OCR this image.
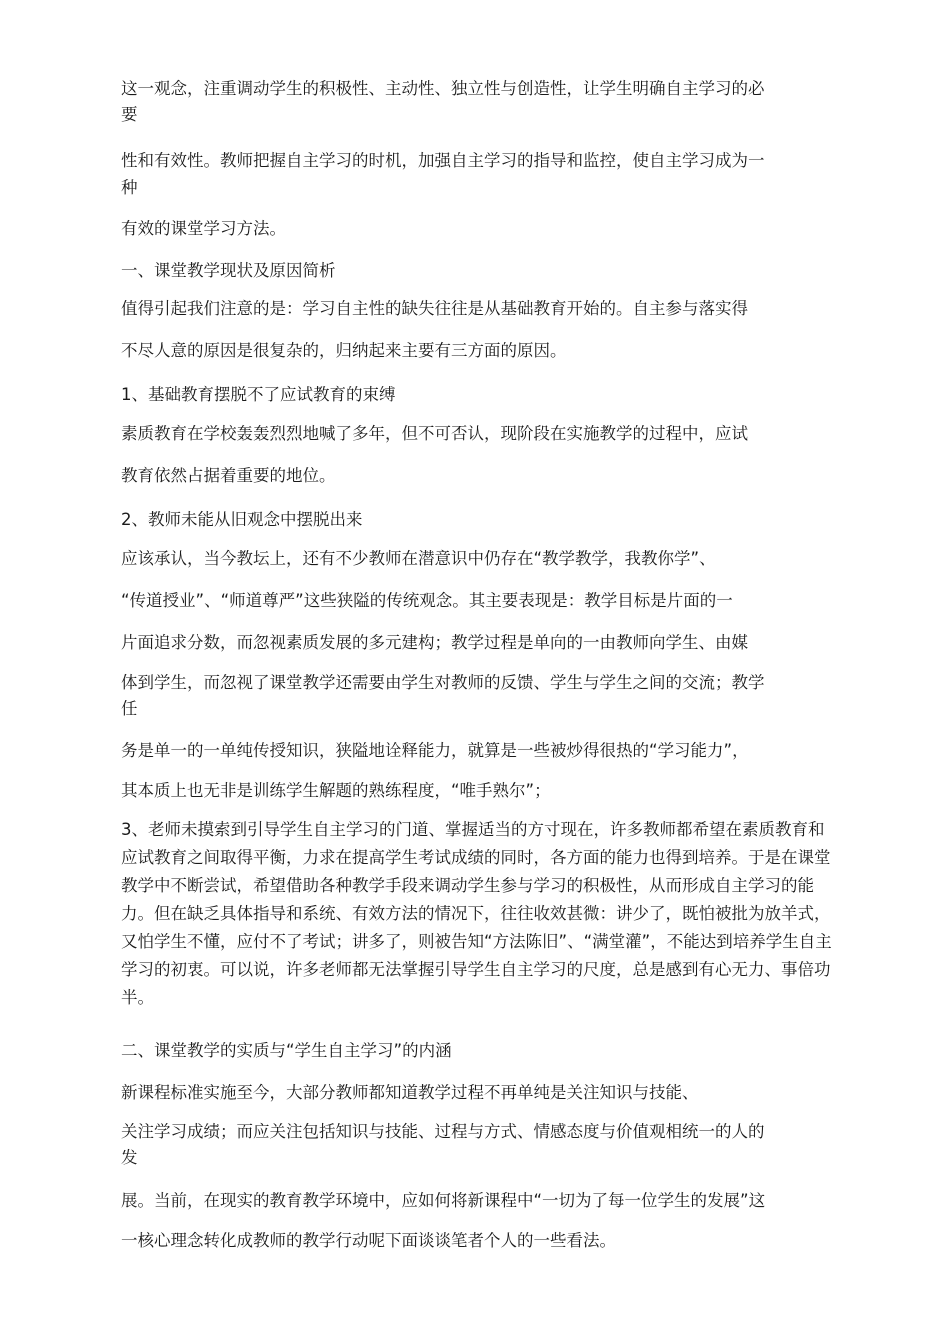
这一观念，注重调动学生的积极性、主动性、独立性与创造性，让学生明确自主学习的必

要

性和有效性。教师把握自主学习的时机，加强自主学习的指导和监控，使自主学习成为一

种

有效的课堂学习方法。

一、课堂教学现状及原因简析

值得引起我们注意的是：学习自主性的缺失往往是从基础教育开始的。自主参与落实得

不尽人意的原因是很复杂的，归纳起来主要有三方面的原因。

1、基础教育摆脱不了应试教育的束缚

素质教育在学校轰轰烈烈地喊了多年，但不可否认，现阶段在实施教学的过程中，应试

教育依然占据着重要的地位。

2、教师未能从旧观念中摆脱出来

应该承认，当今教坛上，还有不少教师在潜意识中仍存在“教学教学，我教你学”、

“传道授业”、“师道尊严”这些狭隘的传统观念。其主要表现是：教学目标是片面的一

片面追求分数，而忽视素质发展的多元建构；教学过程是单向的一由教师向学生、由媒

体到学生，而忽视了课堂教学还需要由学生对教师的反馈、学生与学生之间的交流；教学

任

务是单一的一单纯传授知识，狭隘地诠释能力，就算是一些被炒得很热的“学习能力”，

其本质上也无非是训练学生解题的熟练程度，“唯手熟尔”；

3、老师未摸索到引导学生自主学习的门道、掌握适当的方寸现在，许多教师都希望在素质教育和应试教育之间取得平衡，力求在提高学生考试成绩的同时，各方面的能力也得到培养。于是在课堂教学中不断尝试，希望借助各种教学手段来调动学生参与学习的积极性，从而形成自主学习的能力。但在缺乏具体指导和系统、有效方法的情况下，往往收效甚微：讲少了，既怕被批为放羊式，又怕学生不懂，应付不了考试；讲多了，则被告知“方法陈旧”、“满堂灌”，不能达到培养学生自主学习的初衷。可以说，许多老师都无法掌握引导学生自主学习的尺度，总是感到有心无力、事倍功半。

二、课堂教学的实质与“学生自主学习”的内涵

新课程标准实施至今，大部分教师都知道教学过程不再单纯是关注知识与技能、

关注学习成绩；而应关注包括知识与技能、过程与方式、情感态度与价值观相统一的人的

发

展。当前，在现实的教育教学环境中，应如何将新课程中“一切为了每一位学生的发展”这

一核心理念转化成教师的教学行动呢下面谈谈笔者个人的一些看法。
